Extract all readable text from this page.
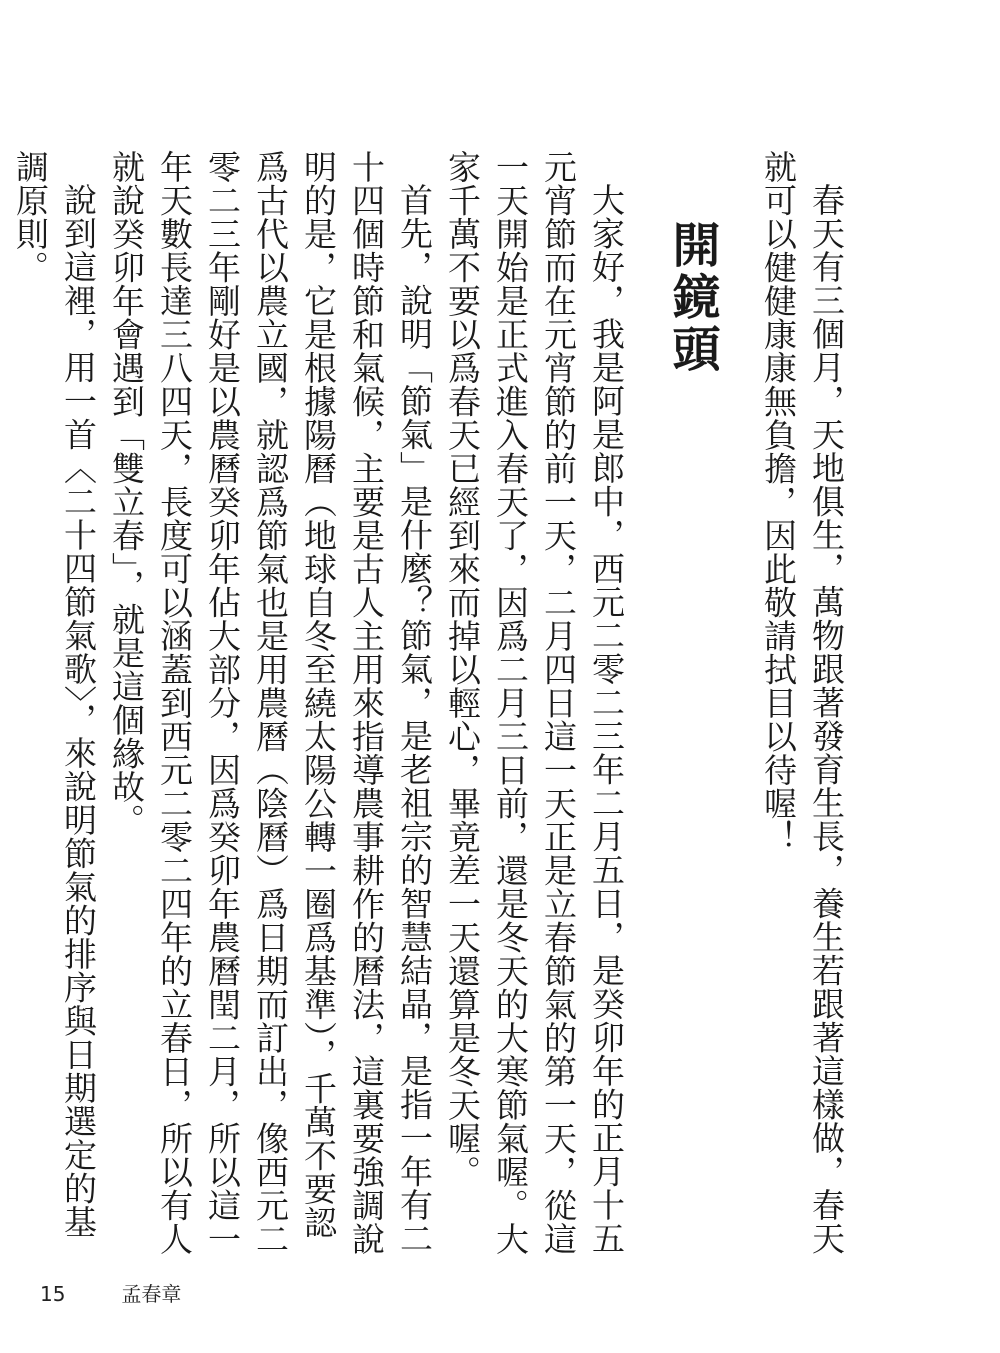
春天有三個月，天地俱生，萬物跟著發育生長，養生若跟著這樣做，春天就可以健健康康無負擔，因此敬請拭目以待喔！

開鏡頭

大家好，我是阿是郎中，西元二零二三年二月五日，是癸卯年的正月十五元宵節而在元宵節的前一天，二月四日這一天正是立春節氣的第一天，從這一天開始是正式進入春天了，因爲二月三日前，還是冬天的大寒節氣喔。大家千萬不要以爲春天已經到來而掉以輕心，畢竟差一天還算是冬天喔。

首先，說明「節氣」是什麼？節氣，是老祖宗的智慧結晶，是指一年有二十四個時節和氣候，主要是古人主用來指導農事耕作的曆法，這裏要強調說明的是，它是根據陽曆（地球自冬至繞太陽公轉一圈爲基準），千萬不要認爲古代以農立國，就認爲節氣也是用農曆（陰曆）爲日期而訂出，像西元二零二三年剛好是以農曆癸卯年佔大部分，因爲癸卯年農曆閏二月，所以這一年天數長達三八四天，長度可以涵蓋到西元二零二四年的立春日，所以有人就說癸卯年會遇到「雙立春」，就是這個緣故。

說到這裡，用一首〈二十四節氣歌〉，來說明節氣的排序與日期選定的基調原則。

15	孟春章
